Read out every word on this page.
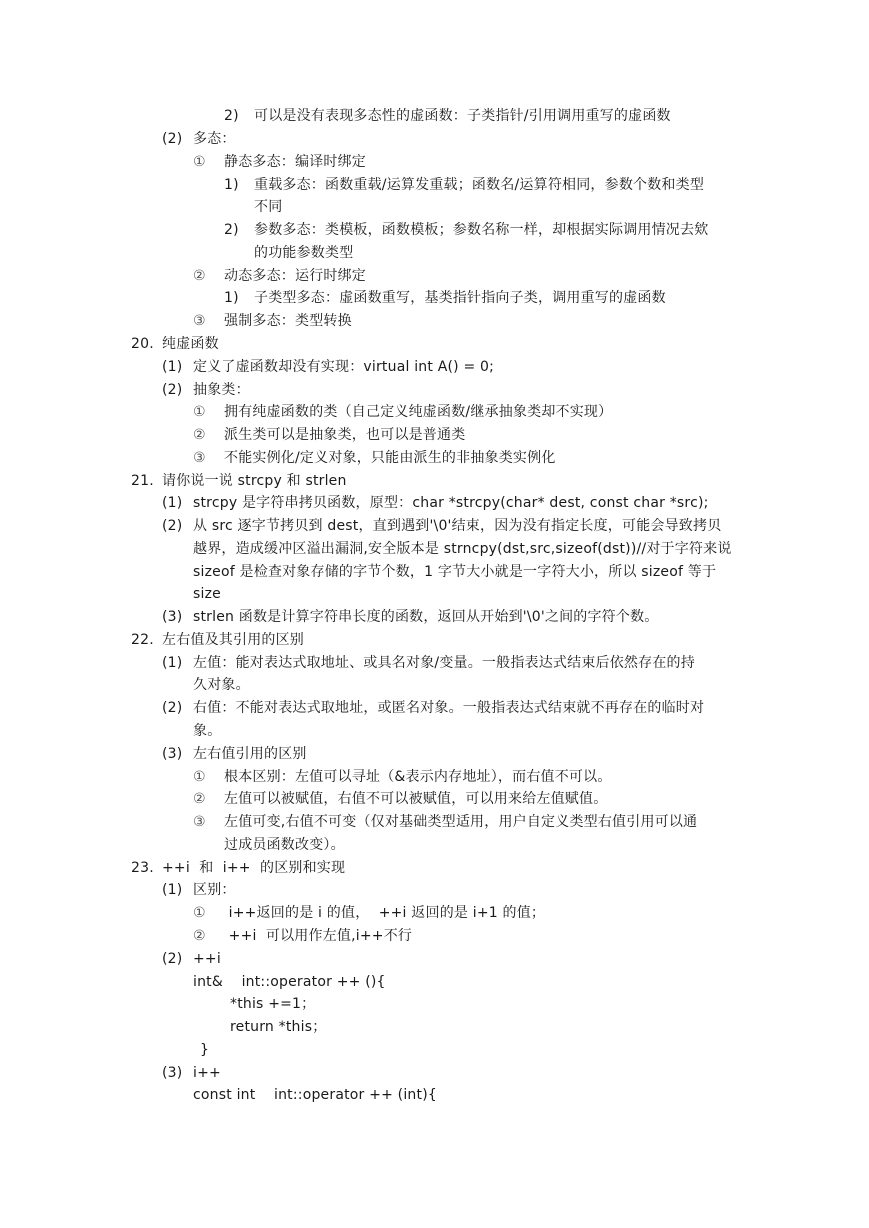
2) 可以是没有表现多态性的虚函数：子类指针/引用调用重写的虚函数
(2) 多态：
① 静态多态：编译时绑定
1) 重载多态：函数重载/运算发重载；函数名/运算符相同，参数个数和类型
不同
2) 参数多态：类模板，函数模板；参数名称一样，却根据实际调用情况去欸
的功能参数类型
② 动态多态：运行时绑定
1) 子类型多态：虚函数重写，基类指针指向子类，调用重写的虚函数
③ 强制多态：类型转换
20. 纯虚函数
(1) 定义了虚函数却没有实现：virtual int A() = 0;
(2) 抽象类：
① 拥有纯虚函数的类（自己定义纯虚函数/继承抽象类却不实现）
② 派生类可以是抽象类，也可以是普通类
③ 不能实例化/定义对象，只能由派生的非抽象类实例化
21. 请你说一说 strcpy 和 strlen
(1) strcpy 是字符串拷贝函数，原型：char *strcpy(char* dest, const char *src);
(2) 从 src 逐字节拷贝到 dest，直到遇到'\0'结束，因为没有指定长度，可能会导致拷贝
越界，造成缓冲区溢出漏洞,安全版本是 strncpy(dst,src,sizeof(dst))//对于字符来说
sizeof 是检查对象存储的字节个数，1 字节大小就是一字符大小，所以 sizeof 等于
size
(3) strlen 函数是计算字符串长度的函数，返回从开始到'\0'之间的字符个数。
22. 左右值及其引用的区别
(1) 左值：能对表达式取地址、或具名对象/变量。一般指表达式结束后依然存在的持
久对象。
(2) 右值：不能对表达式取地址，或匿名对象。一般指表达式结束就不再存在的临时对
象。
(3) 左右值引用的区别
① 根本区别：左值可以寻址（&表示内存地址），而右值不可以。
② 左值可以被赋值，右值不可以被赋值，可以用来给左值赋值。
③ 左值可变,右值不可变（仅对基础类型适用，用户自定义类型右值引用可以通
过成员函数改变）。
23. ++i  和  i++  的区别和实现
(1) 区别：
① i++返回的是 i 的值，  ++i 返回的是 i+1 的值；
② ++i  可以用作左值,i++不行
(2) ++i
int&    int::operator ++ (){
*this +=1；
return *this；
}
(3) i++
const int    int::operator ++ (int){
